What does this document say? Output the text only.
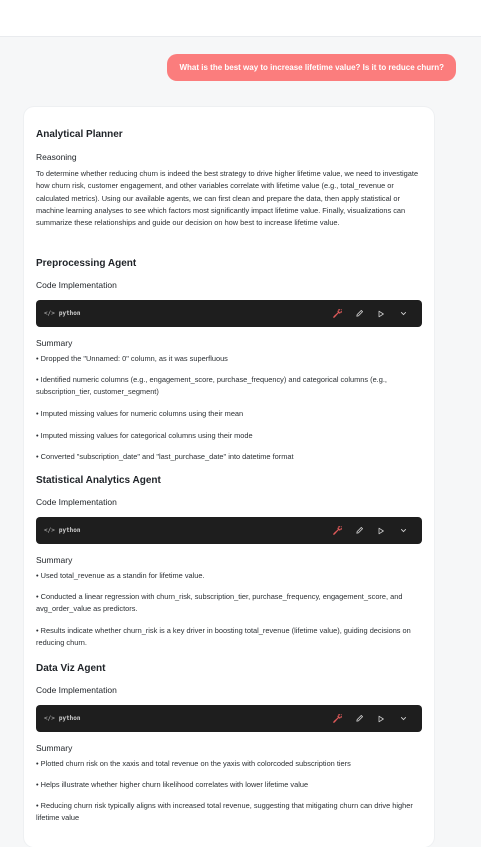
What is the best way to increase lifetime value? Is it to reduce churn?
Analytical Planner
Reasoning
To determine whether reducing churn is indeed the best strategy to drive higher lifetime value, we need to investigate how churn risk, customer engagement, and other variables correlate with lifetime value (e.g., total_revenue or calculated metrics). Using our available agents, we can first clean and prepare the data, then apply statistical or machine learning analyses to see which factors most significantly impact lifetime value. Finally, visualizations can summarize these relationships and guide our decision on how best to increase lifetime value.
Preprocessing Agent
Code Implementation
</> python
Summary
• Dropped the "Unnamed: 0" column, as it was superfluous
• Identified numeric columns (e.g., engagement_score, purchase_frequency) and categorical columns (e.g., subscription_tier, customer_segment)
• Imputed missing values for numeric columns using their mean
• Imputed missing values for categorical columns using their mode
• Converted "subscription_date" and "last_purchase_date" into datetime format
Statistical Analytics Agent
Code Implementation
</> python
Summary
• Used total_revenue as a standin for lifetime value.
• Conducted a linear regression with churn_risk, subscription_tier, purchase_frequency, engagement_score, and avg_order_value as predictors.
• Results indicate whether churn_risk is a key driver in boosting total_revenue (lifetime value), guiding decisions on reducing churn.
Data Viz Agent
Code Implementation
</> python
Summary
• Plotted churn risk on the xaxis and total revenue on the yaxis with colorcoded subscription tiers
• Helps illustrate whether higher churn likelihood correlates with lower lifetime value
• Reducing churn risk typically aligns with increased total revenue, suggesting that mitigating churn can drive higher lifetime value
